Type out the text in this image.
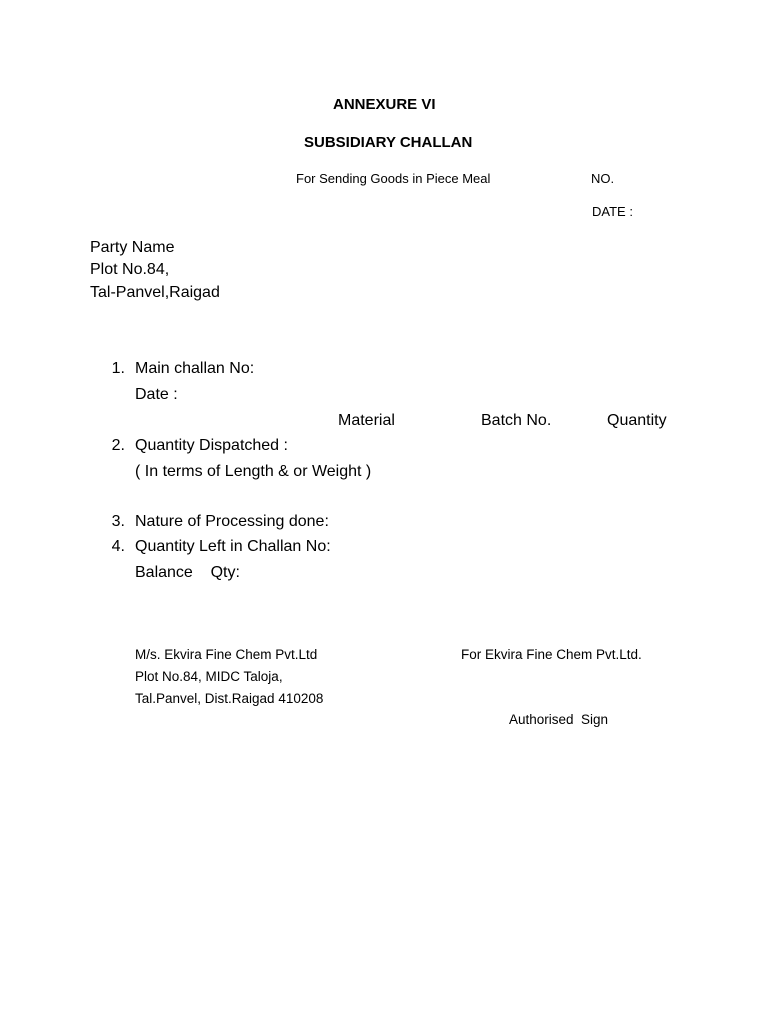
ANNEXURE VI
SUBSIDIARY CHALLAN
For Sending Goods in Piece Meal	NO.
DATE :
Party Name
Plot No.84,
Tal-Panvel,Raigad
1. Main challan No:
Date :
Material	Batch No.	Quantity
2. Quantity Dispatched :
( In terms of Length & or Weight )
3. Nature of Processing done:
4. Quantity Left in Challan No:
Balance    Qty:
M/s. Ekvira Fine Chem Pvt.Ltd
Plot No.84, MIDC Taloja,
Tal.Panvel, Dist.Raigad 410208
For Ekvira Fine Chem Pvt.Ltd.
Authorised  Sign
